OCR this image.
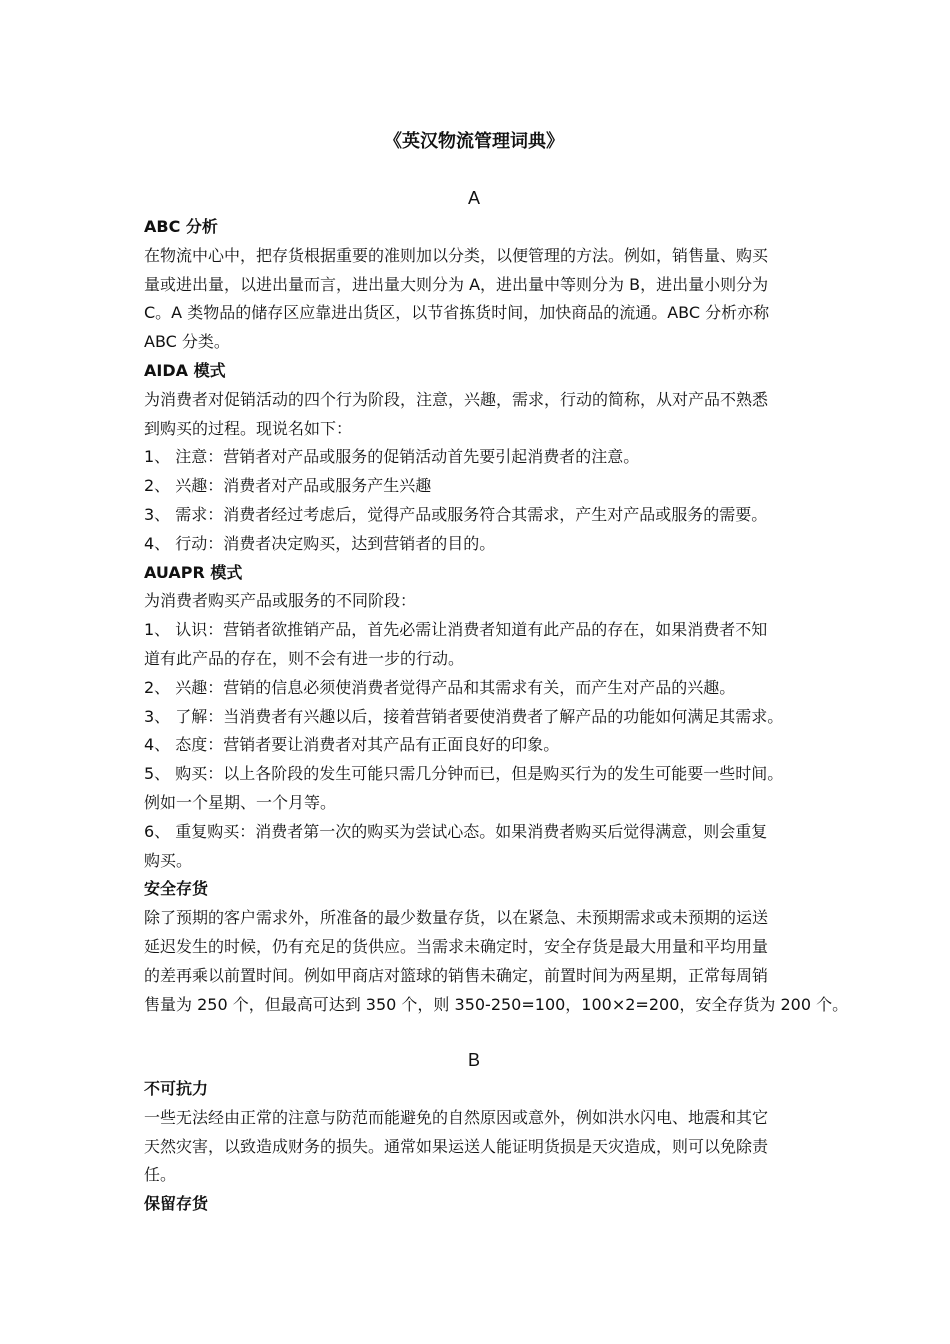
《英汉物流管理词典》
A
ABC 分析
在物流中心中，把存货根据重要的准则加以分类，以便管理的方法。例如，销售量、购买
量或进出量，以进出量而言，进出量大则分为 A，进出量中等则分为 B，进出量小则分为
C。A 类物品的储存区应靠进出货区，以节省拣货时间，加快商品的流通。ABC 分析亦称
ABC 分类。
AIDA 模式
为消费者对促销活动的四个行为阶段，注意，兴趣，需求，行动的简称，从对产品不熟悉
到购买的过程。现说名如下：
1、 注意：营销者对产品或服务的促销活动首先要引起消费者的注意。
2、 兴趣：消费者对产品或服务产生兴趣
3、 需求：消费者经过考虑后，觉得产品或服务符合其需求，产生对产品或服务的需要。
4、 行动：消费者决定购买，达到营销者的目的。
AUAPR 模式
为消费者购买产品或服务的不同阶段：
1、 认识：营销者欲推销产品，首先必需让消费者知道有此产品的存在，如果消费者不知
道有此产品的存在，则不会有进一步的行动。
2、 兴趣：营销的信息必须使消费者觉得产品和其需求有关，而产生对产品的兴趣。
3、 了解：当消费者有兴趣以后，接着营销者要使消费者了解产品的功能如何满足其需求。
4、 态度：营销者要让消费者对其产品有正面良好的印象。
5、 购买：以上各阶段的发生可能只需几分钟而已，但是购买行为的发生可能要一些时间。
例如一个星期、一个月等。
6、 重复购买：消费者第一次的购买为尝试心态。如果消费者购买后觉得满意，则会重复
购买。
安全存货
除了预期的客户需求外，所准备的最少数量存货，以在紧急、未预期需求或未预期的运送
延迟发生的时候，仍有充足的货供应。当需求未确定时，安全存货是最大用量和平均用量
的差再乘以前置时间。例如甲商店对篮球的销售未确定，前置时间为两星期，正常每周销
售量为 250 个，但最高可达到 350 个，则 350-250=100，100×2=200，安全存货为 200 个。
B
不可抗力
一些无法经由正常的注意与防范而能避免的自然原因或意外，例如洪水闪电、地震和其它
天然灾害，以致造成财务的损失。通常如果运送人能证明货损是天灾造成，则可以免除责
任。
保留存货
